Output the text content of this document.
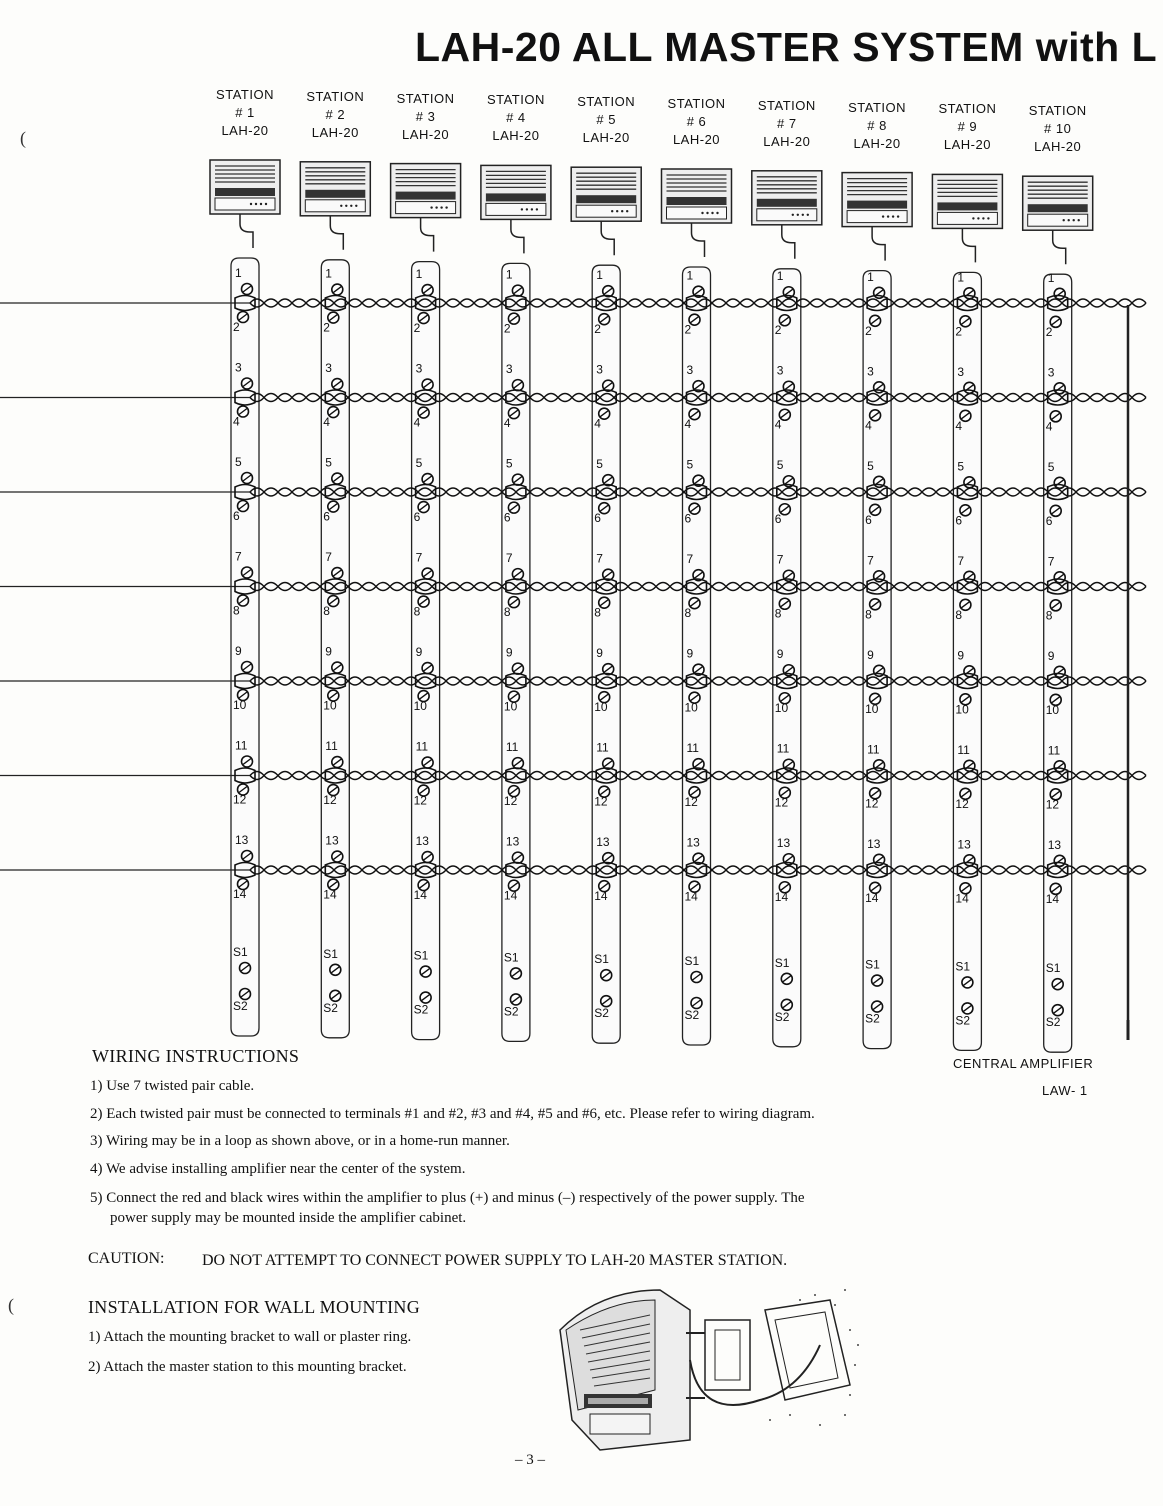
LAH-20 ALL MASTER SYSTEM with L
STATION
# 1
LAH-20
STATION
# 2
LAH-20
STATION
# 3
LAH-20
STATION
# 4
LAH-20
STATION
# 5
LAH-20
STATION
# 6
LAH-20
STATION
# 7
LAH-20
STATION
# 8
LAH-20
STATION
# 9
LAH-20
STATION
# 10
LAH-20
1
2
1
2
1
2
1
2
1
2
1
2
1
2
1
2
1
2
1
2
3
4
3
4
3
4
3
4
3
4
3
4
3
4
3
4
3
4
3
4
5
6
5
6
5
6
5
6
5
6
5
6
5
6
5
6
5
6
5
6
7
8
7
8
7
8
7
8
7
8
7
8
7
8
7
8
7
8
7
8
9
10
9
10
9
10
9
10
9
10
9
10
9
10
9
10
9
10
9
10
11
12
11
12
11
12
11
12
11
12
11
12
11
12
11
12
11
12
11
12
13
14
13
14
13
14
13
14
13
14
13
14
13
14
13
14
13
14
13
14
S1
S2
S1
S2
S1
S2
S1
S2
S1
S2
S1
S2
S1
S2
S1
S2
S1
S2
S1
S2
CENTRAL AMPLIFIER
LAW- 1
WIRING INSTRUCTIONS
1) Use 7 twisted pair cable.
2) Each twisted pair must be connected to terminals #1 and #2, #3 and #4, #5 and #6, etc. Please refer to wiring diagram.
3) Wiring may be in a loop as shown above, or in a home-run manner.
4) We advise installing amplifier near the center of the system.
5) Connect the red and black wires within the amplifier to plus (+) and minus (–) respectively of the power supply. The
power supply may be mounted inside the amplifier cabinet.
CAUTION: DO NOT ATTEMPT TO CONNECT POWER SUPPLY TO LAH-20 MASTER STATION.
INSTALLATION FOR WALL MOUNTING
1) Attach the mounting bracket to wall or plaster ring.
2) Attach the master station to this mounting bracket.
– 3 –
(
(
